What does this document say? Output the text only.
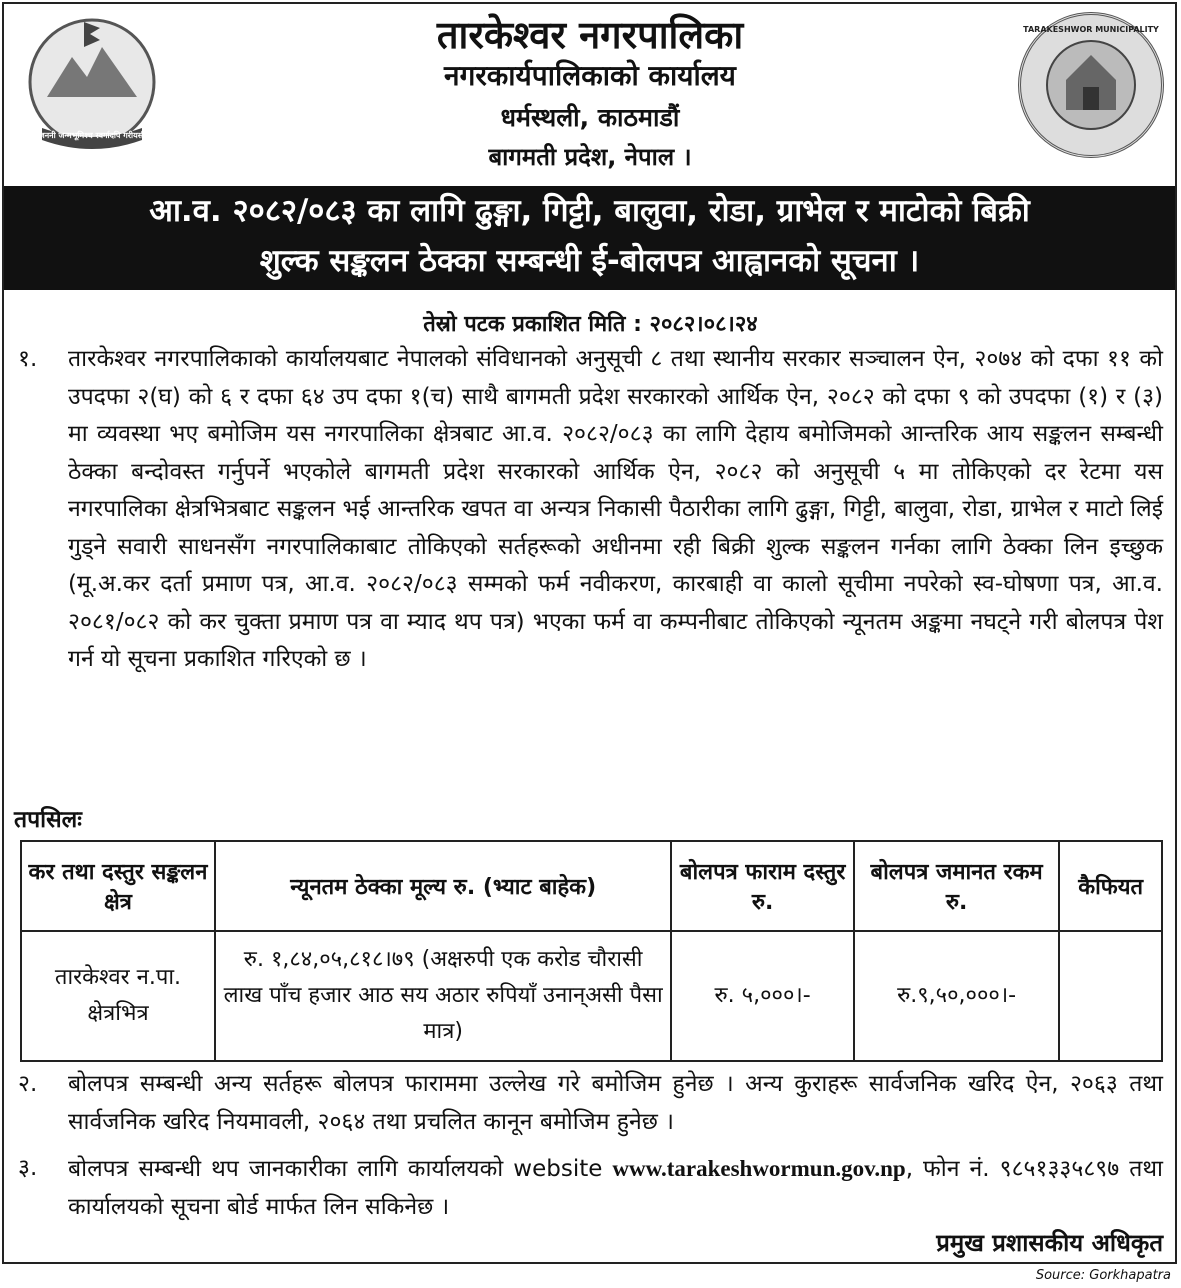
जननी जन्मभूमिश्च स्वर्गादपि गरीयसी
TARAKESHWOR MUNICIPALITY
तारकेश्वर नगरपालिका
नगरकार्यपालिकाको कार्यालय
धर्मस्थली, काठमाडौं
बागमती प्रदेश, नेपाल ।
आ.व. २०८२/०८३ का लागि ढुङ्गा, गिट्टी, बालुवा, रोडा, ग्राभेल र माटोको बिक्री
शुल्क सङ्कलन ठेक्का सम्बन्धी ई-बोलपत्र आह्वानको सूचना ।
तेस्रो पटक प्रकाशित मिति : २०८२।०८।२४
१. तारकेश्वर नगरपालिकाको कार्यालयबाट नेपालको संविधानको अनुसूची ८ तथा स्थानीय सरकार सञ्चालन ऐन, २०७४ को दफा ११ को उपदफा २(घ) को ६ र दफा ६४ उप दफा १(च) साथै बागमती प्रदेश सरकारको आर्थिक ऐन, २०८२ को दफा ९ को उपदफा (१) र (३) मा व्यवस्था भए बमोजिम यस नगरपालिका क्षेत्रबाट आ.व. २०८२/०८३ का लागि देहाय बमोजिमको आन्तरिक आय सङ्कलन सम्बन्धी ठेक्का बन्दोवस्त गर्नुपर्ने भएकोले बागमती प्रदेश सरकारको आर्थिक ऐन, २०८२ को अनुसूची ५ मा तोकिएको दर रेटमा यस नगरपालिका क्षेत्रभित्रबाट सङ्कलन भई आन्तरिक खपत वा अन्यत्र निकासी पैठारीका लागि ढुङ्गा, गिट्टी, बालुवा, रोडा, ग्राभेल र माटो लिई गुड्ने सवारी साधनसँग नगरपालिकाबाट तोकिएको सर्तहरूको अधीनमा रही बिक्री शुल्क सङ्कलन गर्नका लागि ठेक्का लिन इच्छुक (मू.अ.कर दर्ता प्रमाण पत्र, आ.व. २०८२/०८३ सम्मको फर्म नवीकरण, कारबाही वा कालो सूचीमा नपरेको स्व-घोषणा पत्र, आ.व. २०८१/०८२ को कर चुक्ता प्रमाण पत्र वा म्याद थप पत्र) भएका फर्म वा कम्पनीबाट तोकिएको न्यूनतम अङ्कमा नघट्ने गरी बोलपत्र पेश गर्न यो सूचना प्रकाशित गरिएको छ ।
तपसिलः
कर तथा दस्तुर सङ्कलन क्षेत्र	न्यूनतम ठेक्का मूल्य रु. (भ्याट बाहेक)	बोलपत्र फाराम दस्तुर रु.	बोलपत्र जमानत रकम रु.	कैफियत
तारकेश्वर न.पा. क्षेत्रभित्र	रु. १,८४,०५,८१८।७९ (अक्षरुपी एक करोड चौरासी लाख पाँच हजार आठ सय अठार रुपियाँ उनान्असी पैसा मात्र)	रु. ५,०००।-	रु.९,५०,०००।-	
२. बोलपत्र सम्बन्धी अन्य सर्तहरू बोलपत्र फाराममा उल्लेख गरे बमोजिम हुनेछ । अन्य कुराहरू सार्वजनिक खरिद ऐन, २०६३ तथा सार्वजनिक खरिद नियमावली, २०६४ तथा प्रचलित कानून बमोजिम हुनेछ ।
३. बोलपत्र सम्बन्धी थप जानकारीका लागि कार्यालयको website www.tarakeshwormun.gov.np, फोन नं. ९८५१३३५८९७ तथा कार्यालयको सूचना बोर्ड मार्फत लिन सकिनेछ ।
प्रमुख प्रशासकीय अधिकृत
Source: Gorkhapatra
